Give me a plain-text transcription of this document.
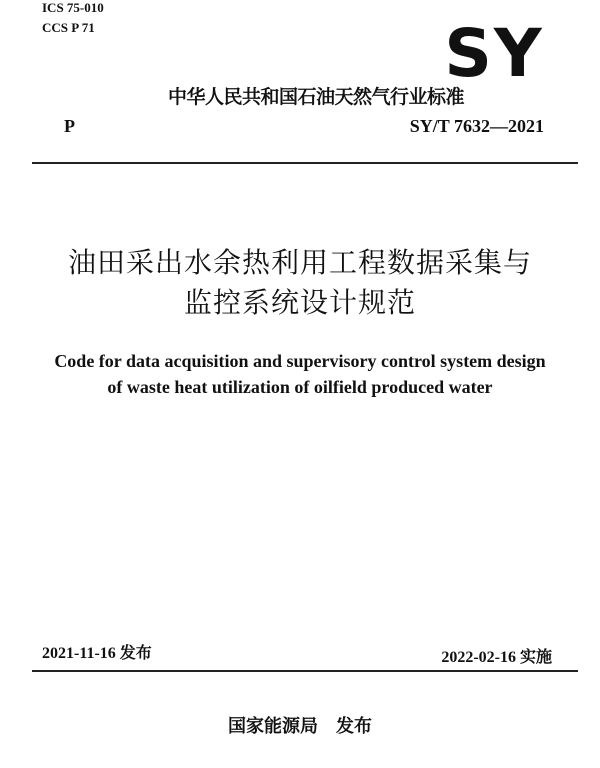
ICS 75-010
CCS P 71	SY
中华人民共和国石油天然气行业标准
P	SY/T 7632—2021
油田采出水余热利用工程数据采集与
监控系统设计规范
Code for data acquisition and supervisory control system design
of waste heat utilization of oilfield produced water
2021-11-16 发布	2022-02-16 实施
国家能源局　发布
